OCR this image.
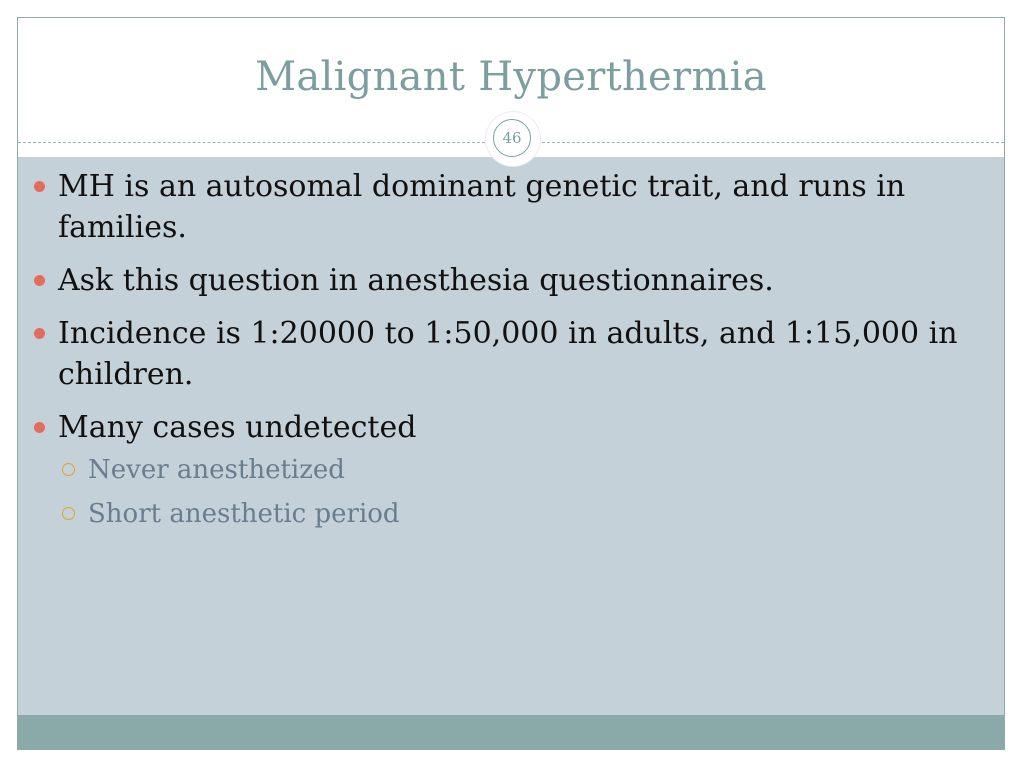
Malignant Hyperthermia
46
MH is an autosomal dominant genetic trait, and runs in families.
Ask this question in anesthesia questionnaires.
Incidence is 1:20000 to 1:50,000 in adults, and 1:15,000 in children.
Many cases undetected
Never anesthetized
Short anesthetic period
